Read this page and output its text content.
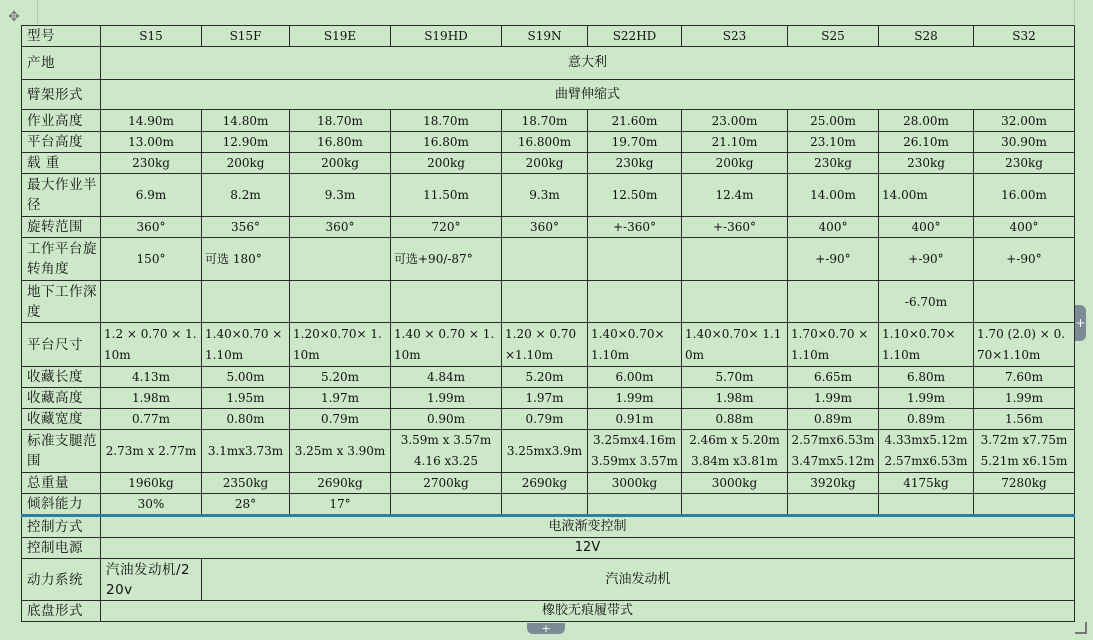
✥
型号	S15	S15F	S19E	S19HD	S19N	S22HD	S23	S25	S28	S32
产地	意大利									
臂架形式	曲臂伸缩式									
作业高度	14.90m	14.80m	18.70m	18.70m	18.70m	21.60m	23.00m	25.00m	28.00m	32.00m
平台高度	13.00m	12.90m	16.80m	16.80m	16.800m	19.70m	21.10m	23.10m	26.10m	30.90m
载 重	230kg	200kg	200kg	200kg	200kg	230kg	200kg	230kg	230kg	230kg
最大作业半径	6.9m	8.2m	9.3m	11.50m	9.3m	12.50m	12.4m	14.00m	14.00m	16.00m
旋转范围	360°	356°	360°	720°	360°	+-360°	+-360°	400°	400°	400°
工作平台旋转角度	150°	可选 180°		可选+90/-87°				+-90°	+-90°	+-90°
地下工作深度									-6.70m	
平台尺寸	1.2 × 0.70 × 1.10m	1.40×0.70 ×1.10m	1.20×0.70× 1.10m	1.40 × 0.70 × 1.10m	1.20 × 0.70 ×1.10m	1.40×0.70× 1.10m	1.40×0.70× 1.10m	1.70×0.70 ×1.10m	1.10×0.70× 1.10m	1.70 (2.0) × 0.70×1.10m
收藏长度	4.13m	5.00m	5.20m	4.84m	5.20m	6.00m	5.70m	6.65m	6.80m	7.60m
收藏高度	1.98m	1.95m	1.97m	1.99m	1.97m	1.99m	1.98m	1.99m	1.99m	1.99m
收藏宽度	0.77m	0.80m	0.79m	0.90m	0.79m	0.91m	0.88m	0.89m	0.89m	1.56m
标准支腿范围	2.73m x 2.77m	3.1mx3.73m	3.25m x 3.90m	3.59m x 3.57m 4.16 x3.25	3.25mx3.9m	3.25mx4.16m 3.59mx 3.57m	2.46m x 5.20m 3.84m x3.81m	2.57mx6.53m 3.47mx5.12m	4.33mx5.12m 2.57mx6.53m	3.72m x7.75m 5.21m x6.15m
总重量	1960kg	2350kg	2690kg	2700kg	2690kg	3000kg	3000kg	3920kg	4175kg	7280kg
倾斜能力	30%	28°	17°							
控制方式	电液渐变控制									
控制电源	12V									
动力系统	汽油发动机/220v	汽油发动机								
底盘形式	橡胶无痕履带式									
+
+
